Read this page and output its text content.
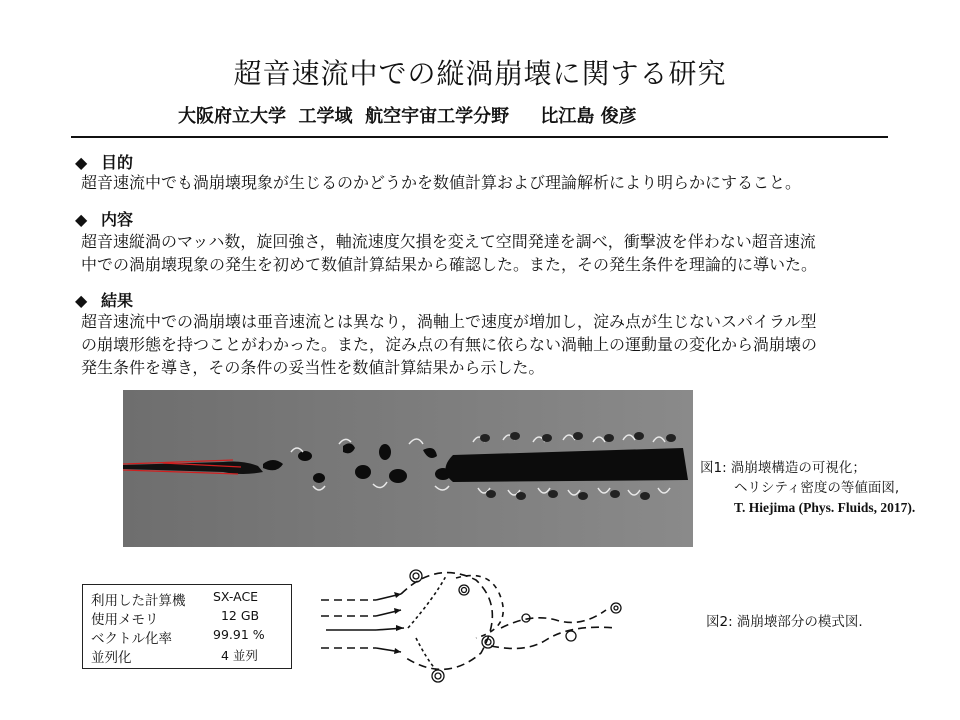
超音速流中での縦渦崩壊に関する研究
大阪府立大学  工学域  航空宇宙工学分野     比江島 俊彦
◆ 目的
超音速流中でも渦崩壊現象が生じるのかどうかを数値計算および理論解析により明らかにすること。
◆ 内容
超音速縦渦のマッハ数，旋回強さ，軸流速度欠損を変えて空間発達を調べ，衝撃波を伴わない超音速流
中での渦崩壊現象の発生を初めて数値計算結果から確認した。また，その発生条件を理論的に導いた。
◆ 結果
超音速流中での渦崩壊は亜音速流とは異なり，渦軸上で速度が増加し，淀み点が生じないスパイラル型
の崩壊形態を持つことがわかった。また，淀み点の有無に依らない渦軸上の運動量の変化から渦崩壊の
発生条件を導き，その条件の妥当性を数値計算結果から示した。
図1: 渦崩壊構造の可視化；
ヘリシティ密度の等値面図,
T. Hiejima (Phys. Fluids, 2017).
利用した計算機	SX-ACE
使用メモリ	12 GB
ベクトル化率	99.91 %
並列化	4 並列
図2: 渦崩壊部分の模式図.
